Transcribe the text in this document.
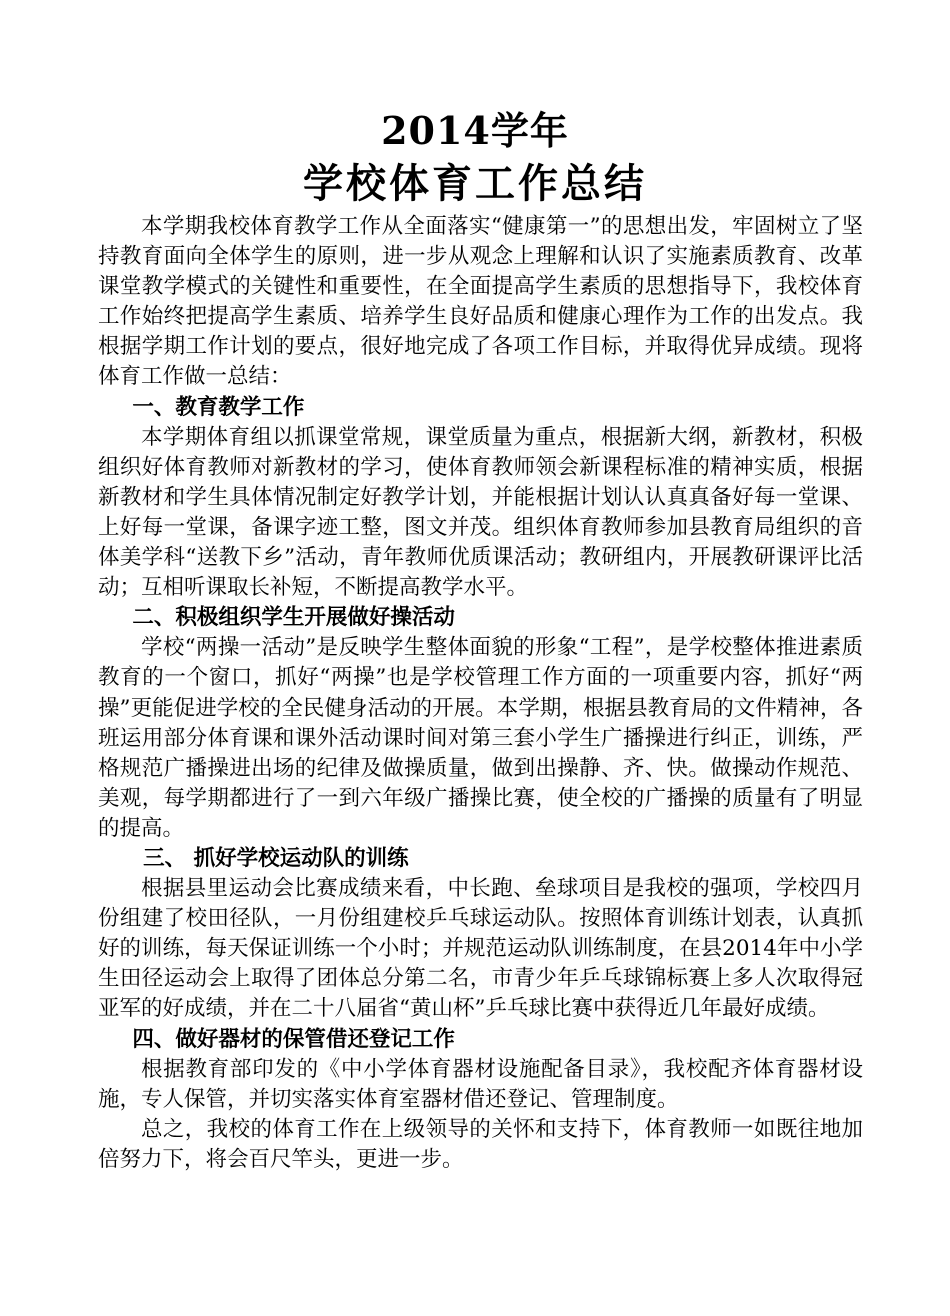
2014学年
学校体育工作总结

本学期我校体育教学工作从全面落实“健康第一”的思想出发，牢固树立了坚持教育面向全体学生的原则，进一步从观念上理解和认识了实施素质教育、改革课堂教学模式的关键性和重要性，在全面提高学生素质的思想指导下，我校体育工作始终把提高学生素质、培养学生良好品质和健康心理作为工作的出发点。我根据学期工作计划的要点，很好地完成了各项工作目标，并取得优异成绩。现将体育工作做一总结：

一、教育教学工作

本学期体育组以抓课堂常规，课堂质量为重点，根据新大纲，新教材，积极组织好体育教师对新教材的学习，使体育教师领会新课程标准的精神实质，根据新教材和学生具体情况制定好教学计划，并能根据计划认认真真备好每一堂课、上好每一堂课，备课字迹工整，图文并茂。组织体育教师参加县教育局组织的音体美学科“送教下乡”活动，青年教师优质课活动；教研组内，开展教研课评比活动；互相听课取长补短，不断提高教学水平。

二、积极组织学生开展做好操活动

学校“两操一活动”是反映学生整体面貌的形象“工程”，是学校整体推进素质教育的一个窗口，抓好“两操”也是学校管理工作方面的一项重要内容，抓好“两操”更能促进学校的全民健身活动的开展。本学期，根据县教育局的文件精神，各班运用部分体育课和课外活动课时间对第三套小学生广播操进行纠正，训练，严格规范广播操进出场的纪律及做操质量，做到出操静、齐、快。做操动作规范、美观，每学期都进行了一到六年级广播操比赛，使全校的广播操的质量有了明显的提高。

三、 抓好学校运动队的训练

根据县里运动会比赛成绩来看，中长跑、垒球项目是我校的强项，学校四月份组建了校田径队，一月份组建校乒乓球运动队。按照体育训练计划表，认真抓好的训练，每天保证训练一个小时；并规范运动队训练制度，在县2014年中小学生田径运动会上取得了团体总分第二名，市青少年乒乓球锦标赛上多人次取得冠亚军的好成绩，并在二十八届省“黄山杯”乒乓球比赛中获得近几年最好成绩。

四、做好器材的保管借还登记工作

根据教育部印发的《中小学体育器材设施配备目录》，我校配齐体育器材设施，专人保管，并切实落实体育室器材借还登记、管理制度。

总之，我校的体育工作在上级领导的关怀和支持下，体育教师一如既往地加倍努力下，将会百尺竿头，更进一步。
